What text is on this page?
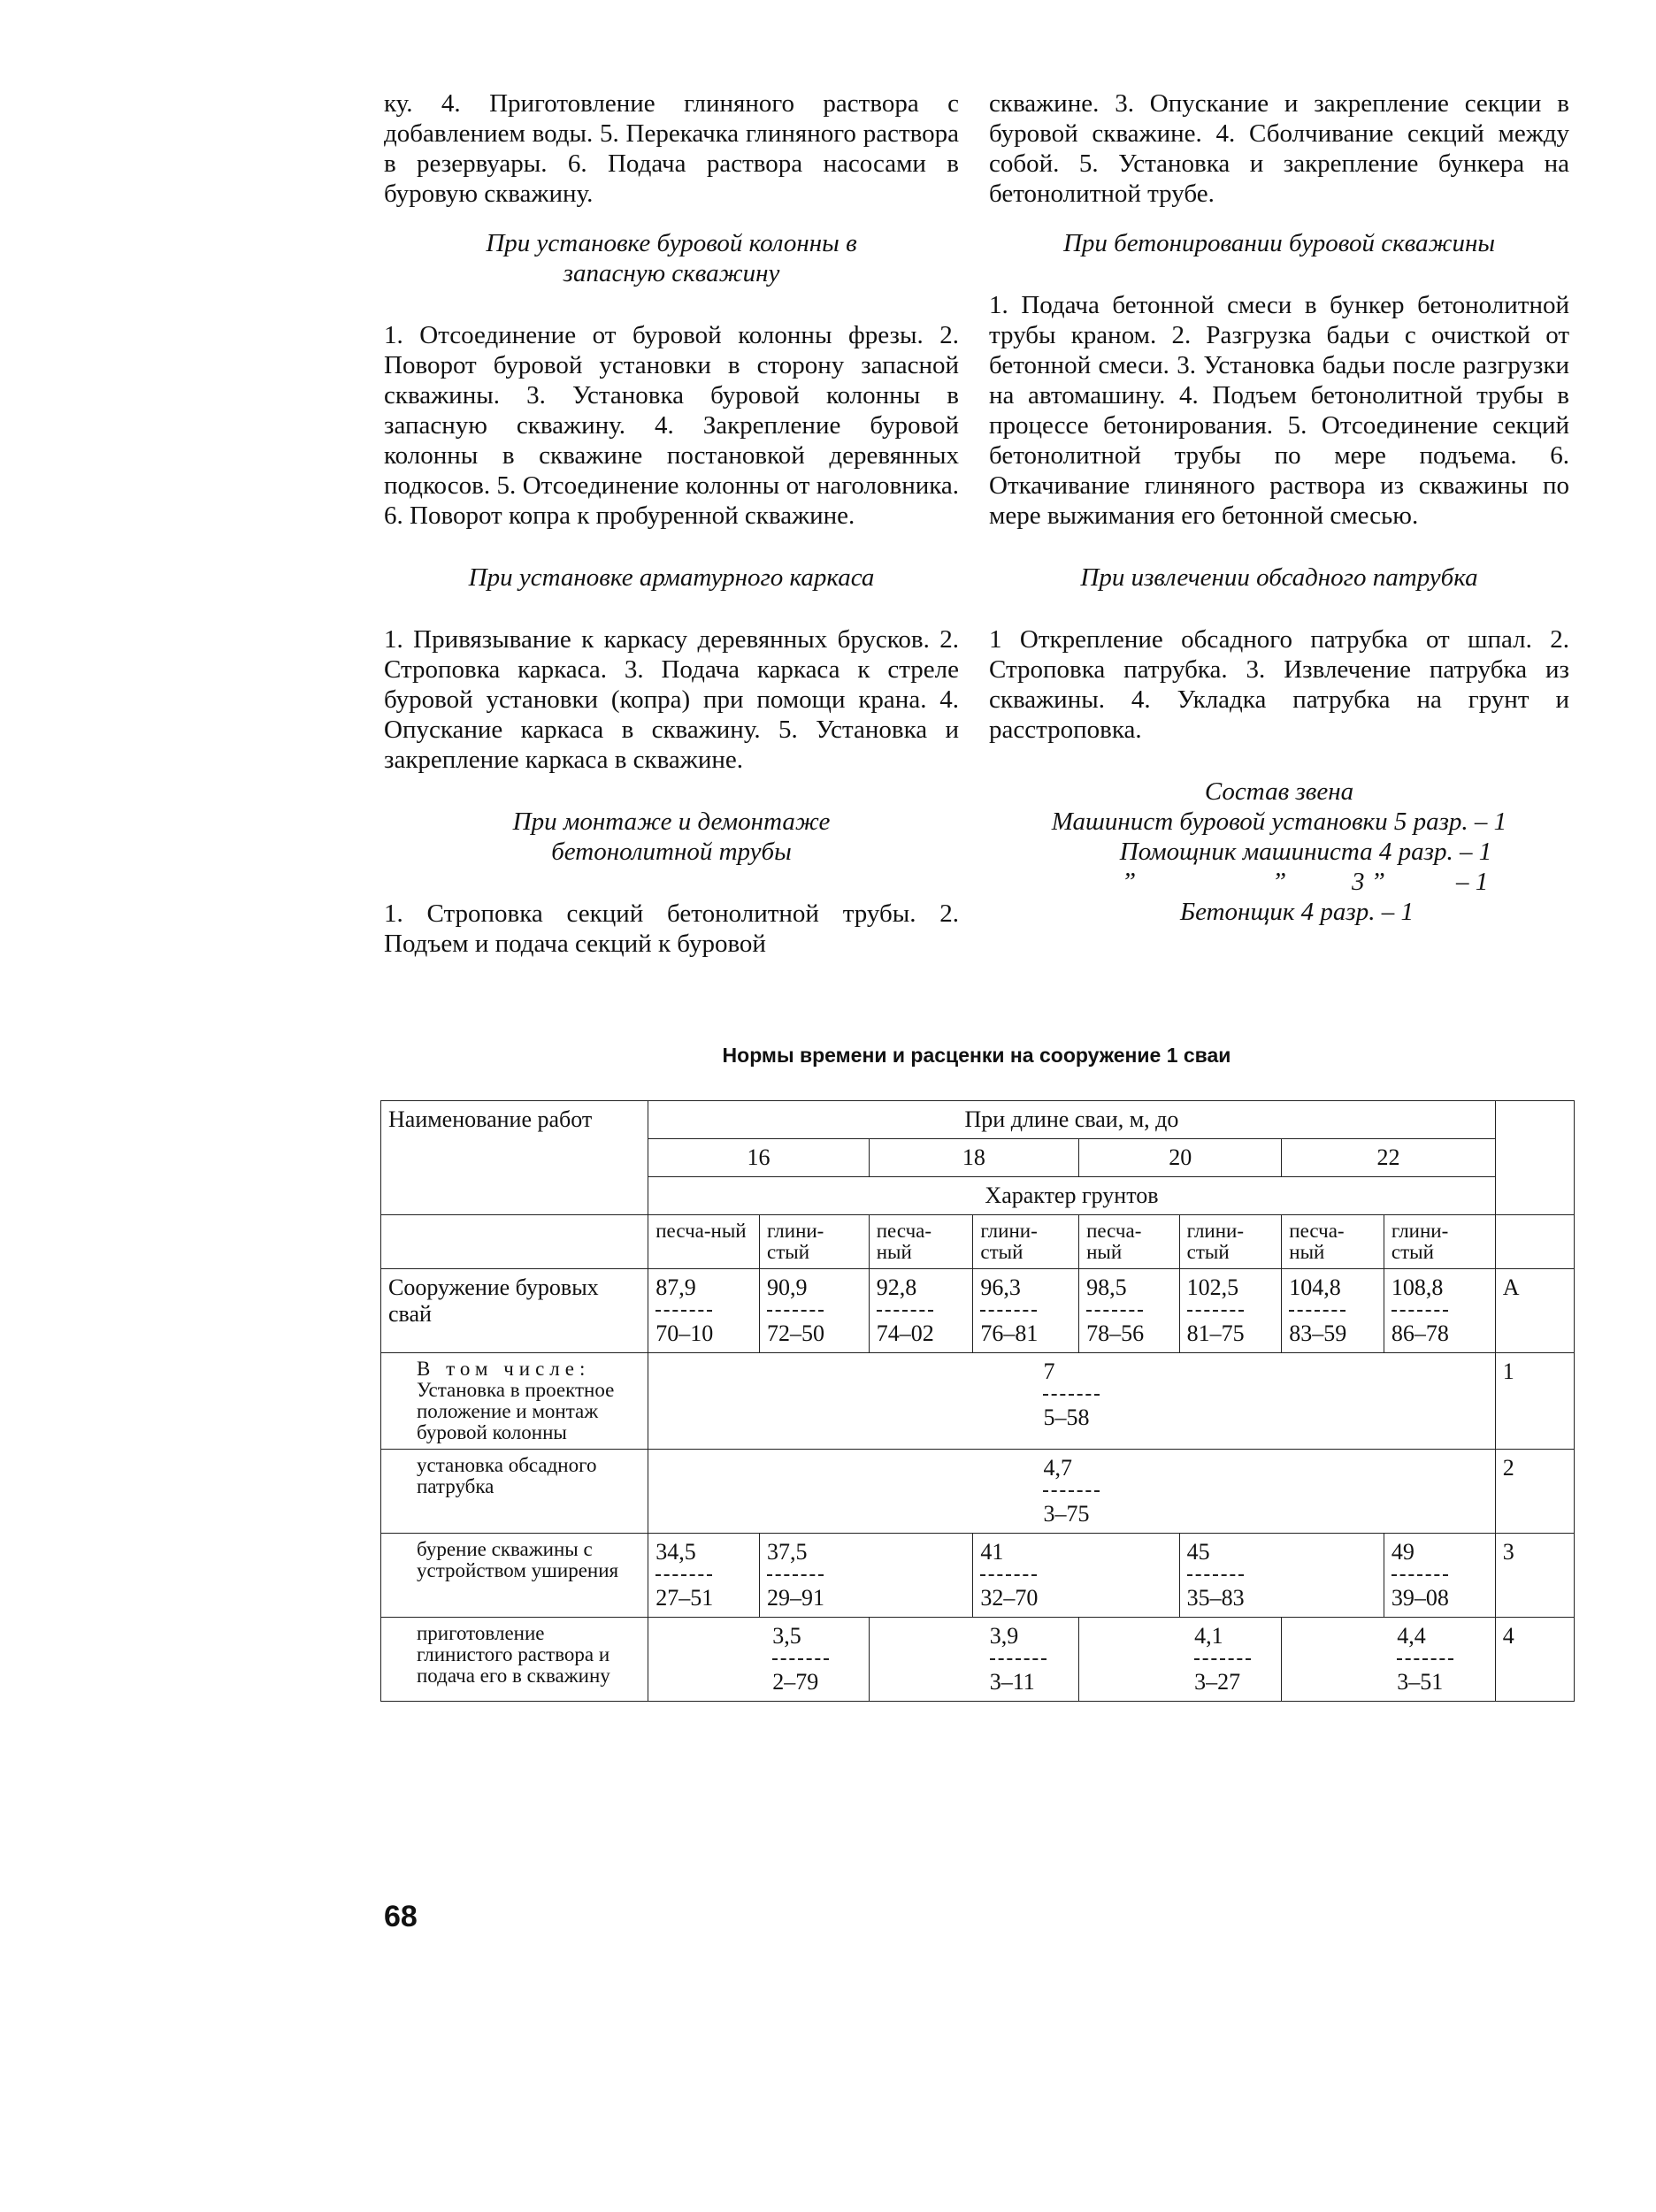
ку. 4. Приготовление глиняного раствора с добавлением воды. 5. Перекачка глиняного раствора в резервуары. 6. Подача раствора насосами в буровую скважину.

При установке буровой колонны в запасную скважину

1. Отсоединение от буровой колонны фрезы. 2. Поворот буровой установки в сторону запасной скважины. 3. Установка буровой колонны в запасную скважину. 4. Закрепление буровой колонны в скважине постановкой деревянных подкосов. 5. Отсоединение колонны от наголовника. 6. Поворот копра к пробуренной скважине.

При установке арматурного каркаса

1. Привязывание к каркасу деревянных брусков. 2. Строповка каркаса. 3. Подача каркаса к стреле буровой установки (копра) при помощи крана. 4. Опускание каркаса в скважину. 5. Установка и закрепление каркаса в скважине.

При монтаже и демонтаже бетонолитной трубы

1. Строповка секций бетонолитной трубы. 2. Подъем и подача секций к буровой

скважине. 3. Опускание и закрепление секции в буровой скважине. 4. Сболчивание секций между собой. 5. Установка и закрепление бункера на бетонолитной трубе.

При бетонировании буровой скважины

1. Подача бетонной смеси в бункер бетонолитной трубы краном. 2. Разгрузка бадьи с очисткой от бетонной смеси. 3. Установка бадьи после разгрузки на автомашину. 4. Подъем бетонолитной трубы в процессе бетонирования. 5. Отсоединение секций бетонолитной трубы по мере подъема. 6. Откачивание глиняного раствора из скважины по мере выжимания его бетонной смесью.

При извлечении обсадного патрубка

1 Открепление обсадного патрубка от шпал. 2. Строповка патрубка. 3. Извлечение патрубка из скважины. 4. Укладка патрубка на грунт и расстроповка.

Состав звена
Машинист буровой установки 5 разр. – 1
Помощник машиниста 4 разр. – 1
”	”	3 ”	– 1
Бетонщик 4 разр. – 1
Нормы времени и расценки на сооружение 1 сваи
Наименование работ	При длине сваи, м, до								
	16		18		20		22		
	Характер грунтов								
	песча-ный	глини-стый	песча-ный	глини-стый	песча-ный	глини-стый	песча-ный	глини-стый	
Сооружение буровых свай	$\frac{87,9}{70-10}$	$\frac{90,9}{72-50}$	$\frac{92,8}{74-02}$	$\frac{96,3}{76-81}$	$\frac{98,5}{78-56}$	$\frac{102,5}{81-75}$	$\frac{104,8}{83-59}$	$\frac{108,8}{86-78}$	А
В том числе:
Установка в проектное положение и монтаж буровой колонны	$\frac{7}{5-58}$								1
установка обсадного патрубка	$\frac{4,7}{3-75}$								2
бурение скважины с устройством уширения	$\frac{34,5}{27-51}$	$\frac{37,5}{29-91}$		$\frac{41}{32-70}$		$\frac{45}{35-83}$		$\frac{49}{39-08}$	3
приготовление глинистого раствора и подача его в скважину	$\frac{3,5}{2-79}$		$\frac{3,9}{3-11}$		$\frac{4,1}{3-27}$		$\frac{4,4}{3-51}$		4
68
